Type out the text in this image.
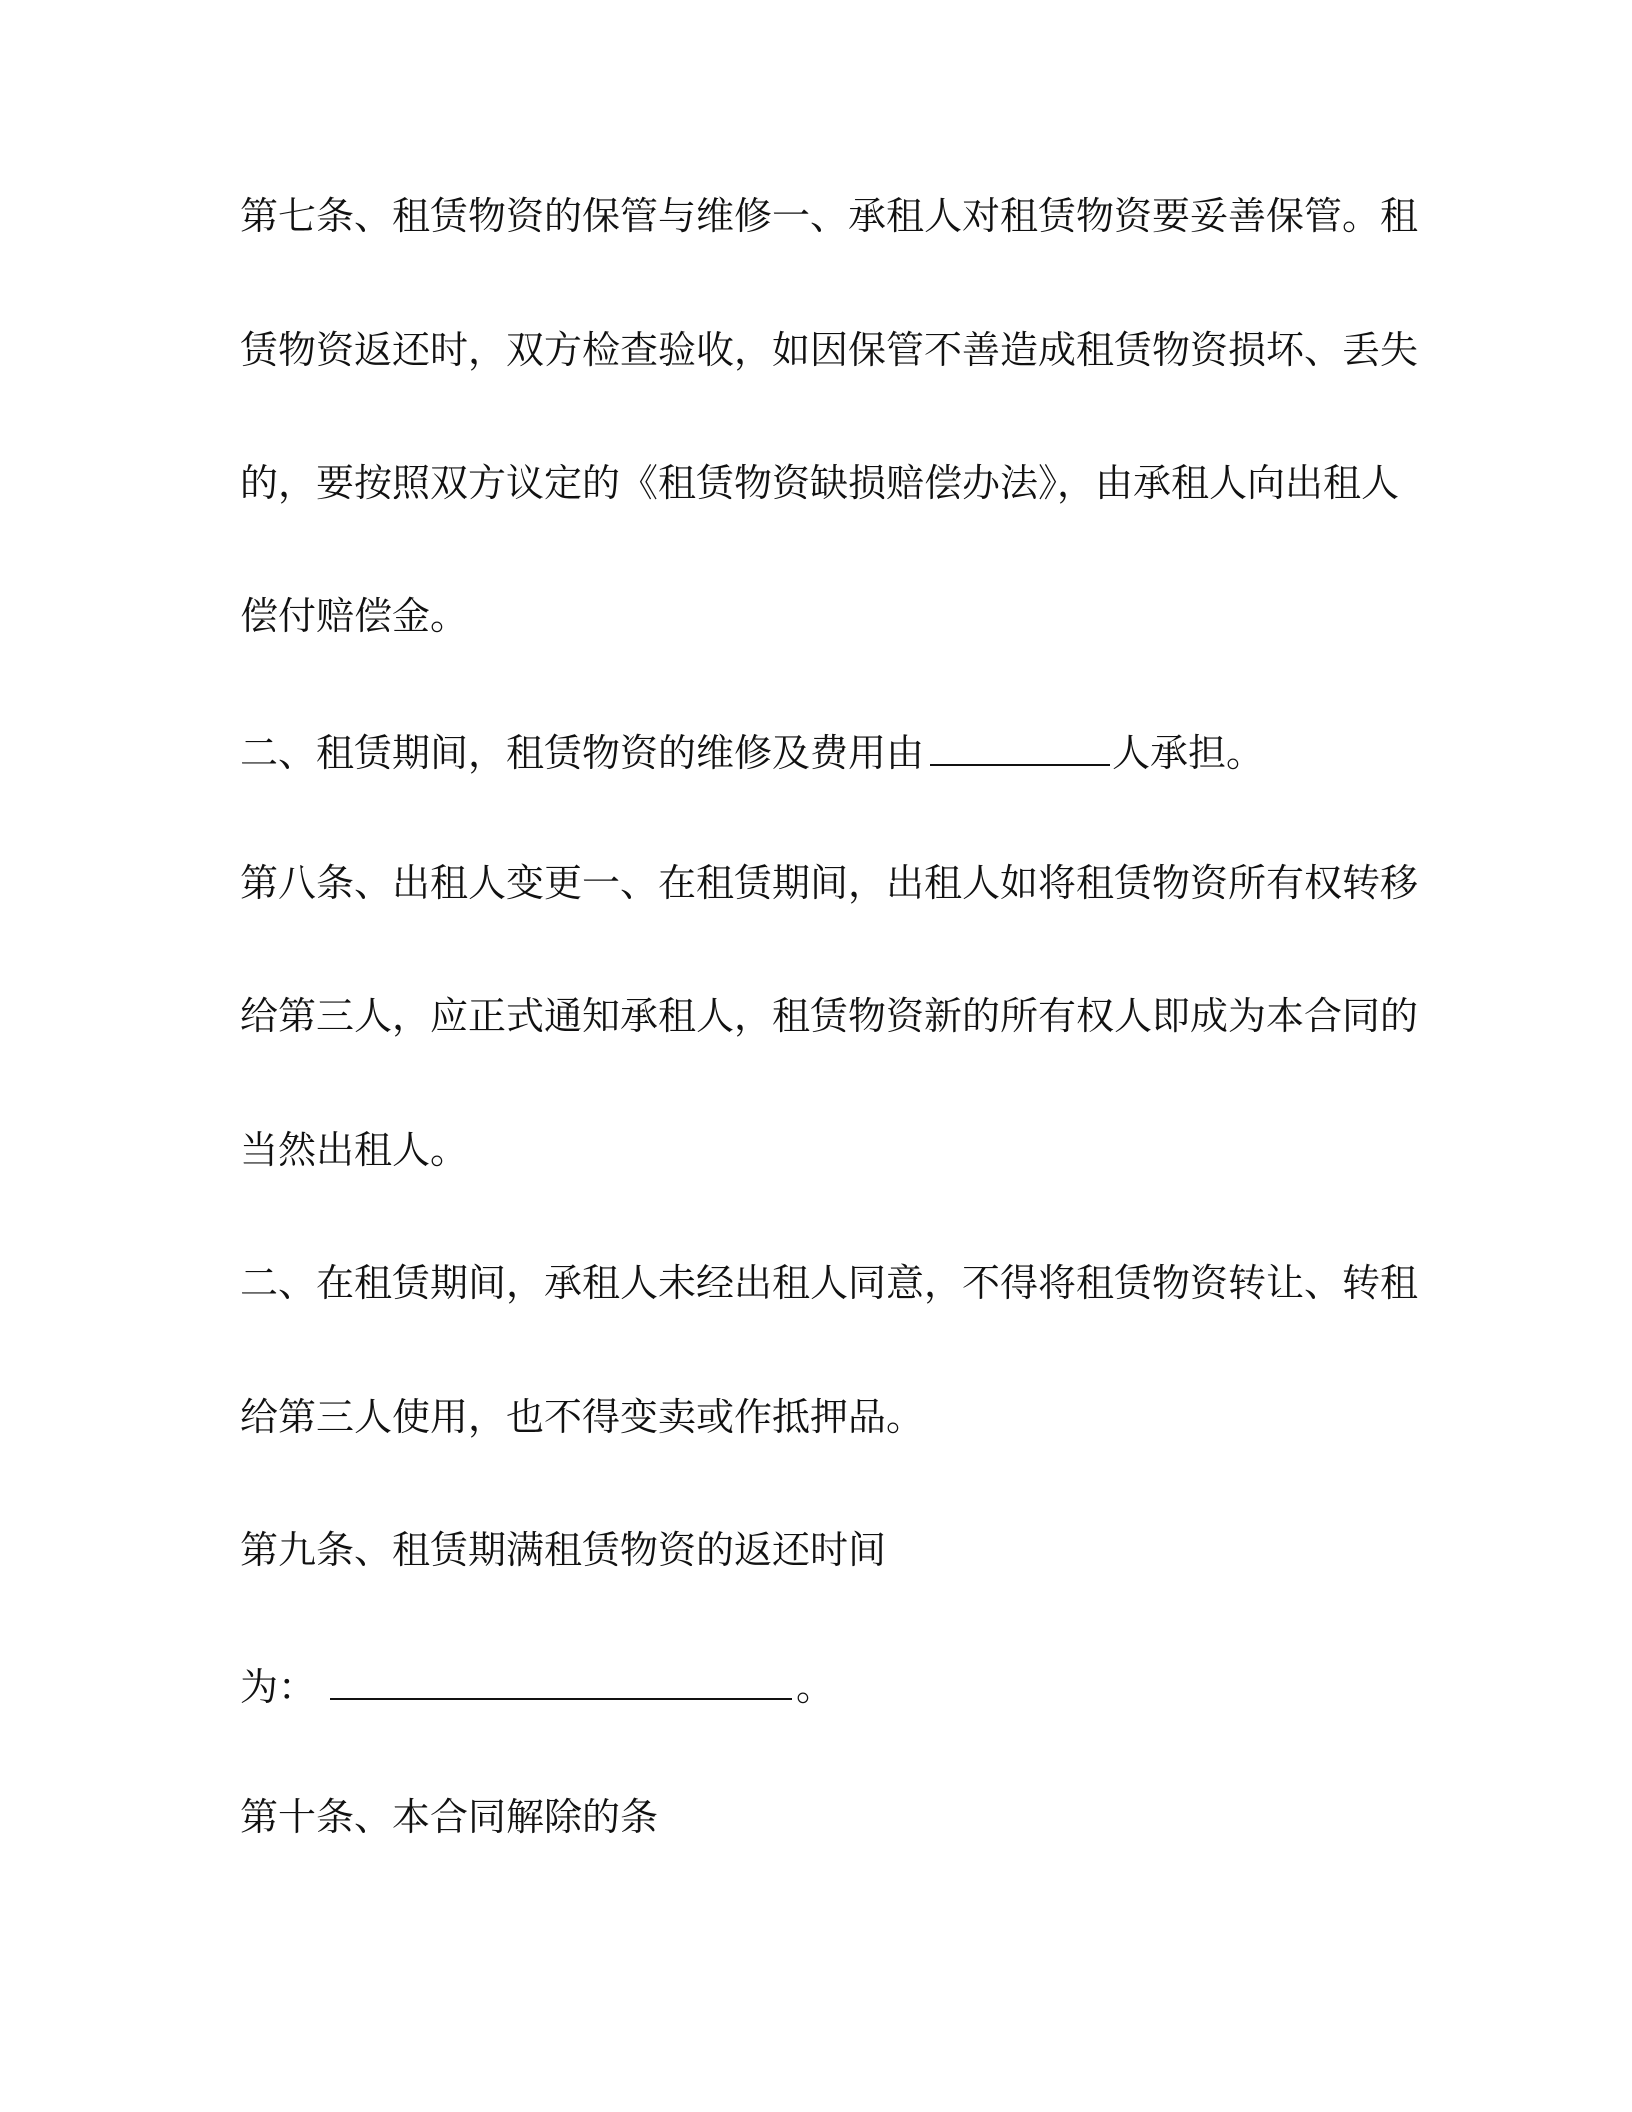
第七条、租赁物资的保管与维修一、承租人对租赁物资要妥善保管。租
赁物资返还时，双方检查验收，如因保管不善造成租赁物资损坏、丢失
的，要按照双方议定的《租赁物资缺损赔偿办法》，由承租人向出租人
偿付赔偿金。
二、租赁期间，租赁物资的维修及费用由	人承担。
第八条、出租人变更一、在租赁期间，出租人如将租赁物资所有权转移
给第三人，应正式通知承租人，租赁物资新的所有权人即成为本合同的
当然出租人。
二、在租赁期间，承租人未经出租人同意，不得将租赁物资转让、转租
给第三人使用，也不得变卖或作抵押品。
第九条、租赁期满租赁物资的返还时间
为：	。
第十条、本合同解除的条
